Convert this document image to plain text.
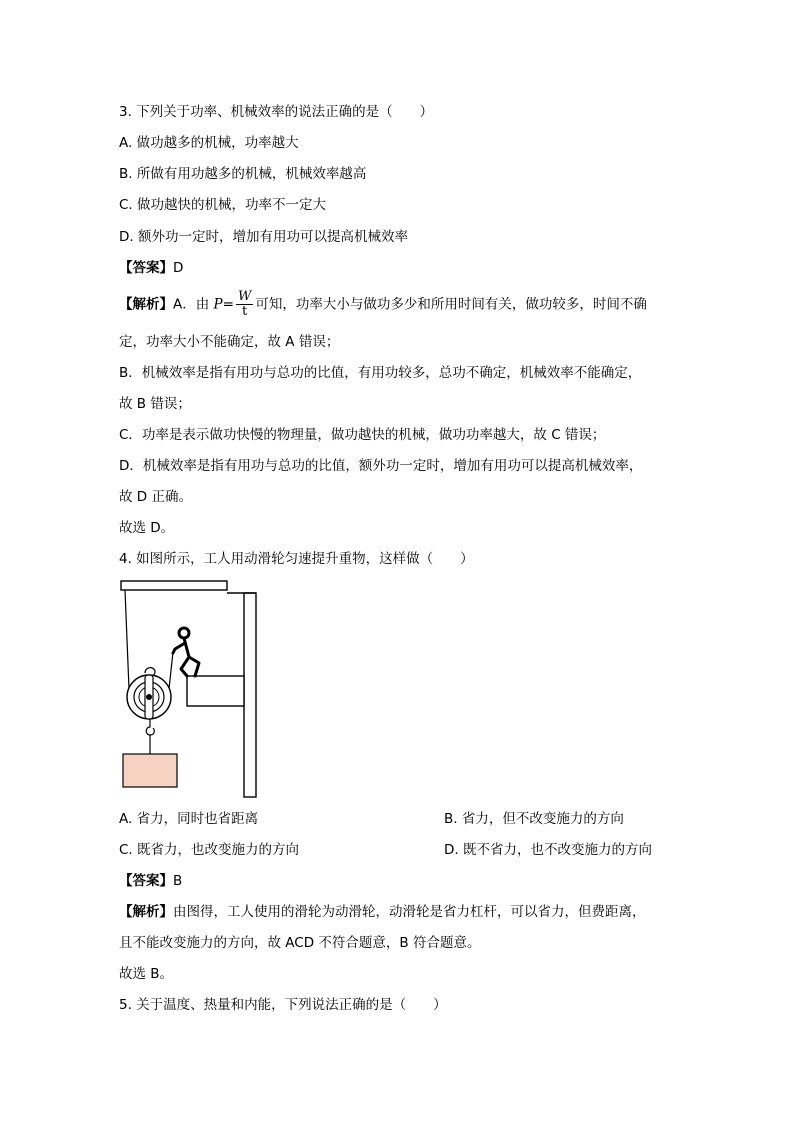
3. 下列关于功率、机械效率的说法正确的是（　　）
A. 做功越多的机械，功率越大
B. 所做有用功越多的机械，机械效率越高
C. 做功越快的机械，功率不一定大
D. 额外功一定时，增加有用功可以提高机械效率
【答案】D
【解析】A．由 $P= \frac{W}{t}$ 可知，功率大小与做功多少和所用时间有关，做功较多，时间不确
定，功率大小不能确定，故 A 错误；
B．机械效率是指有用功与总功的比值，有用功较多，总功不确定，机械效率不能确定，
故 B 错误；
C．功率是表示做功快慢的物理量，做功越快的机械，做功功率越大，故 C 错误；
D．机械效率是指有用功与总功的比值，额外功一定时，增加有用功可以提高机械效率，
故 D 正确。
故选 D。
4. 如图所示，工人用动滑轮匀速提升重物，这样做（　　）
A. 省力，同时也省距离	B. 省力，但不改变施力的方向
C. 既省力，也改变施力的方向	D. 既不省力，也不改变施力的方向
【答案】B
【解析】由图得，工人使用的滑轮为动滑轮，动滑轮是省力杠杆，可以省力，但费距离，
且不能改变施力的方向，故 ACD 不符合题意，B 符合题意。
故选 B。
5. 关于温度、热量和内能，下列说法正确的是（　　）
